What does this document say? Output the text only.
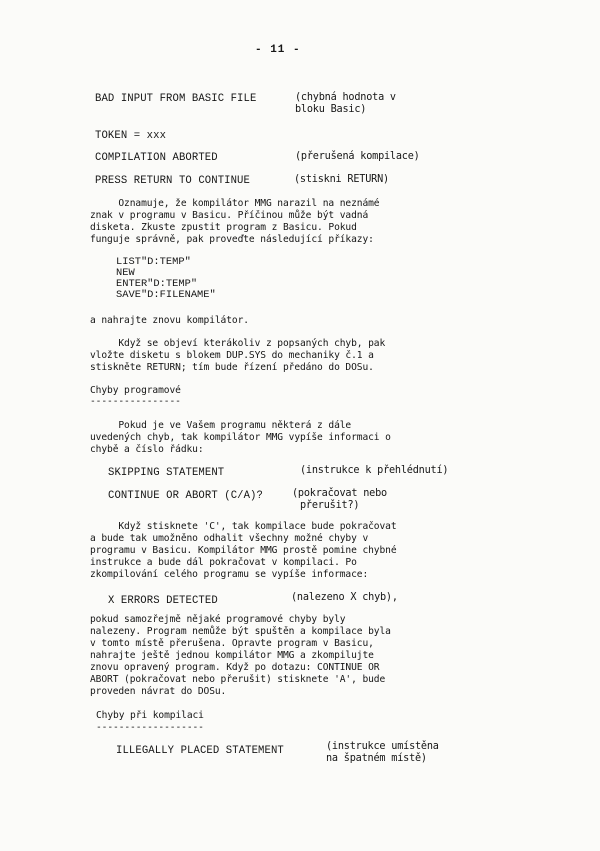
- 11 -

BAD INPUT FROM BASIC FILE	(chybná hodnota v

bloku Basic)

TOKEN = xxx

COMPILATION ABORTED	(přerušená kompilace)

PRESS RETURN TO CONTINUE	(stiskni RETURN)

Oznamuje, že kompilátor MMG narazil na neznámé

znak v programu v Basicu. Příčinou může být vadná

disketa. Zkuste zpustit program z Basicu. Pokud

funguje správně, pak proveďte následující příkazy:

LIST"D:TEMP"

NEW

ENTER"D:TEMP"

SAVE"D:FILENAME"

a nahrajte znovu kompilátor.

Když se objeví kterákoliv z popsaných chyb, pak

vložte disketu s blokem DUP.SYS do mechaniky č.1 a

stiskněte RETURN; tím bude řízení předáno do DOSu.

Chyby programové

----------------

Pokud je ve Vašem programu některá z dále

uvedených chyb, tak kompilátor MMG vypíše informaci o

chybě a číslo řádku:

SKIPPING STATEMENT	(instrukce k přehlédnutí)

CONTINUE OR ABORT (C/A)?	(pokračovat nebo

přerušit?)

Když stisknete 'C', tak kompilace bude pokračovat

a bude tak umožněno odhalit všechny možné chyby v

programu v Basicu. Kompilátor MMG prostě pomine chybné

instrukce a bude dál pokračovat v kompilaci. Po

zkompilování celého programu se vypíše informace:

X ERRORS DETECTED	(nalezeno X chyb),

pokud samozřejmě nějaké programové chyby byly

nalezeny. Program nemůže být spuštěn a kompilace byla

v tomto místě přerušena. Opravte program v Basicu,

nahrajte ještě jednou kompilátor MMG a zkompilujte

znovu opravený program. Když po dotazu: CONTINUE OR

ABORT (pokračovat nebo přerušit) stisknete 'A', bude

proveden návrat do DOSu.

Chyby při kompilaci

-------------------

ILLEGALLY PLACED STATEMENT	(instrukce umístěna

na špatném místě)
